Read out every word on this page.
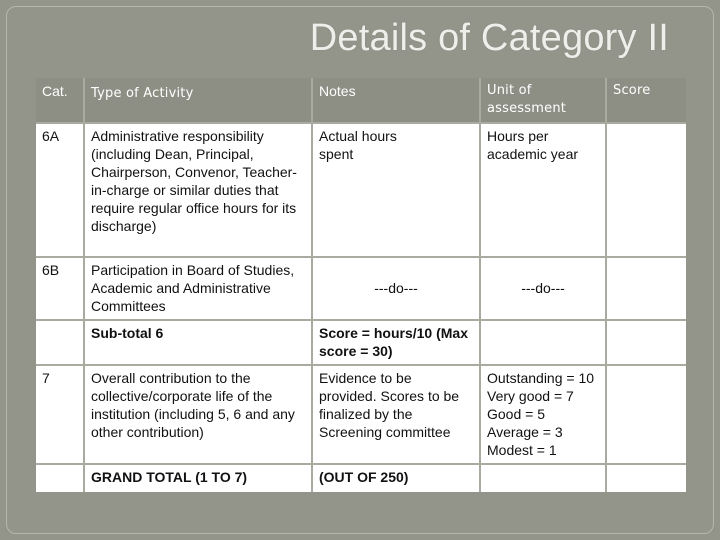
Details of Category II
Cat.	Type of Activity	Notes	Unit of assessment	Score
6A	Administrative responsibility (including Dean, Principal, Chairperson, Convenor, Teacher-in-charge or similar duties that require regular office hours for its discharge)	Actual hours spent	Hours per academic year	
6B	Participation in Board of Studies, Academic and Administrative Committees	---do---	---do---	
	Sub-total 6	Score = hours/10 (Max score = 30)		
7	Overall contribution to the collective/corporate life of the institution (including 5, 6 and any other contribution)	Evidence to be provided. Scores to be finalized by the Screening committee	Outstanding = 10
Very good = 7
Good = 5
Average = 3
Modest = 1	
	GRAND TOTAL (1 TO 7)	(OUT OF 250)		
